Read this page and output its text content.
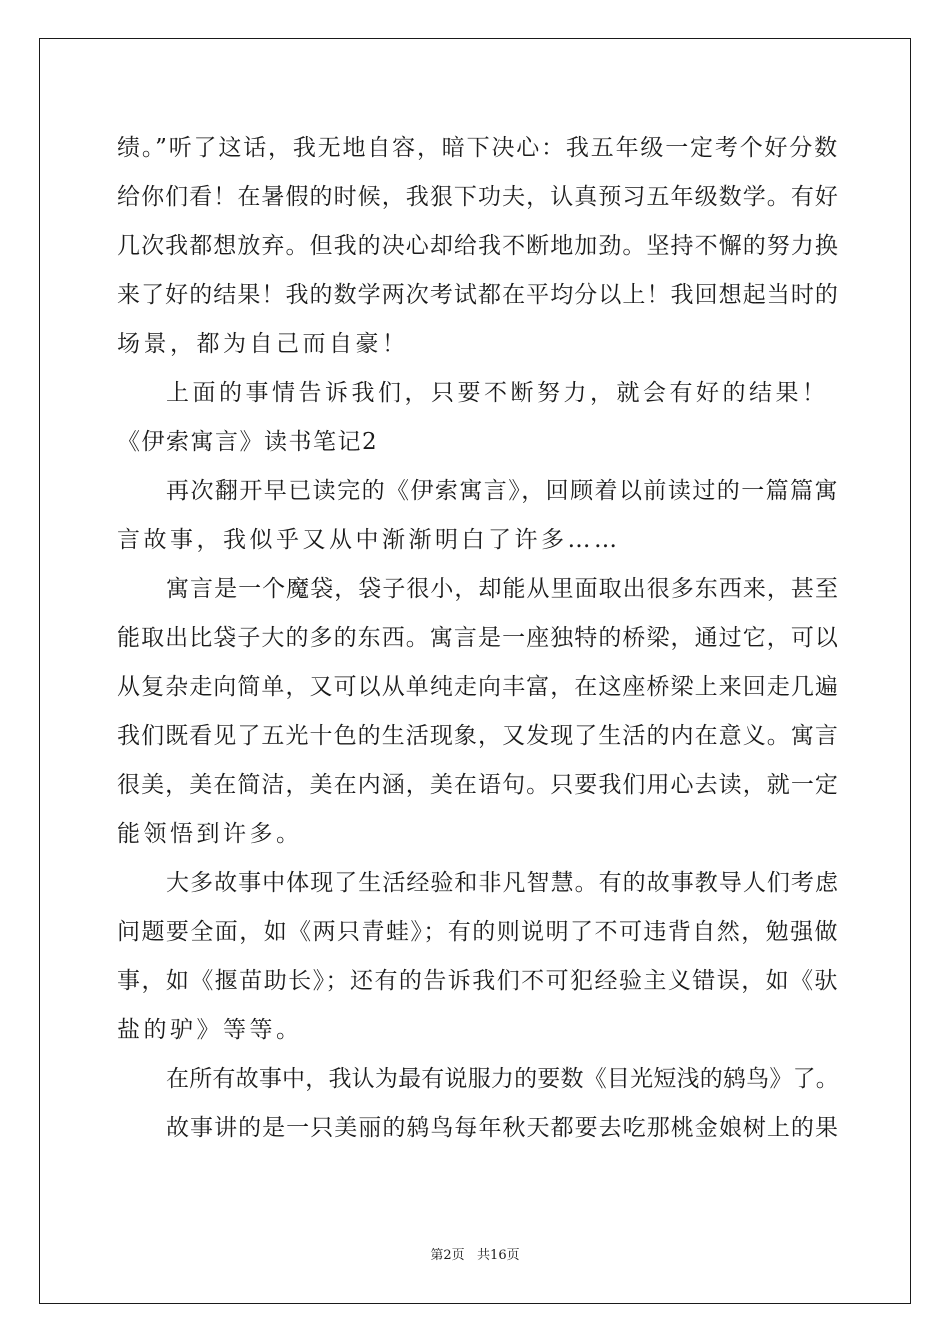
绩。”听了这话，我无地自容，暗下决心：我五年级一定考个好分数
给你们看！在暑假的时候，我狠下功夫，认真预习五年级数学。有好
几次我都想放弃。但我的决心却给我不断地加劲。坚持不懈的努力换
来了好的结果！我的数学两次考试都在平均分以上！我回想起当时的
场景，都为自己而自豪！
上面的事情告诉我们，只要不断努力，就会有好的结果！
《伊索寓言》读书笔记2
再次翻开早已读完的《伊索寓言》，回顾着以前读过的一篇篇寓
言故事，我似乎又从中渐渐明白了许多……
寓言是一个魔袋，袋子很小，却能从里面取出很多东西来，甚至
能取出比袋子大的多的东西。寓言是一座独特的桥梁，通过它，可以
从复杂走向简单，又可以从单纯走向丰富，在这座桥梁上来回走几遍
我们既看见了五光十色的生活现象，又发现了生活的内在意义。寓言
很美，美在简洁，美在内涵，美在语句。只要我们用心去读，就一定
能领悟到许多。
大多故事中体现了生活经验和非凡智慧。有的故事教导人们考虑
问题要全面，如《两只青蛙》；有的则说明了不可违背自然，勉强做
事，如《揠苗助长》；还有的告诉我们不可犯经验主义错误，如《驮
盐的驴》等等。
在所有故事中，我认为最有说服力的要数《目光短浅的鸫鸟》了。
故事讲的是一只美丽的鸫鸟每年秋天都要去吃那桃金娘树上的果
第2页   共16页
